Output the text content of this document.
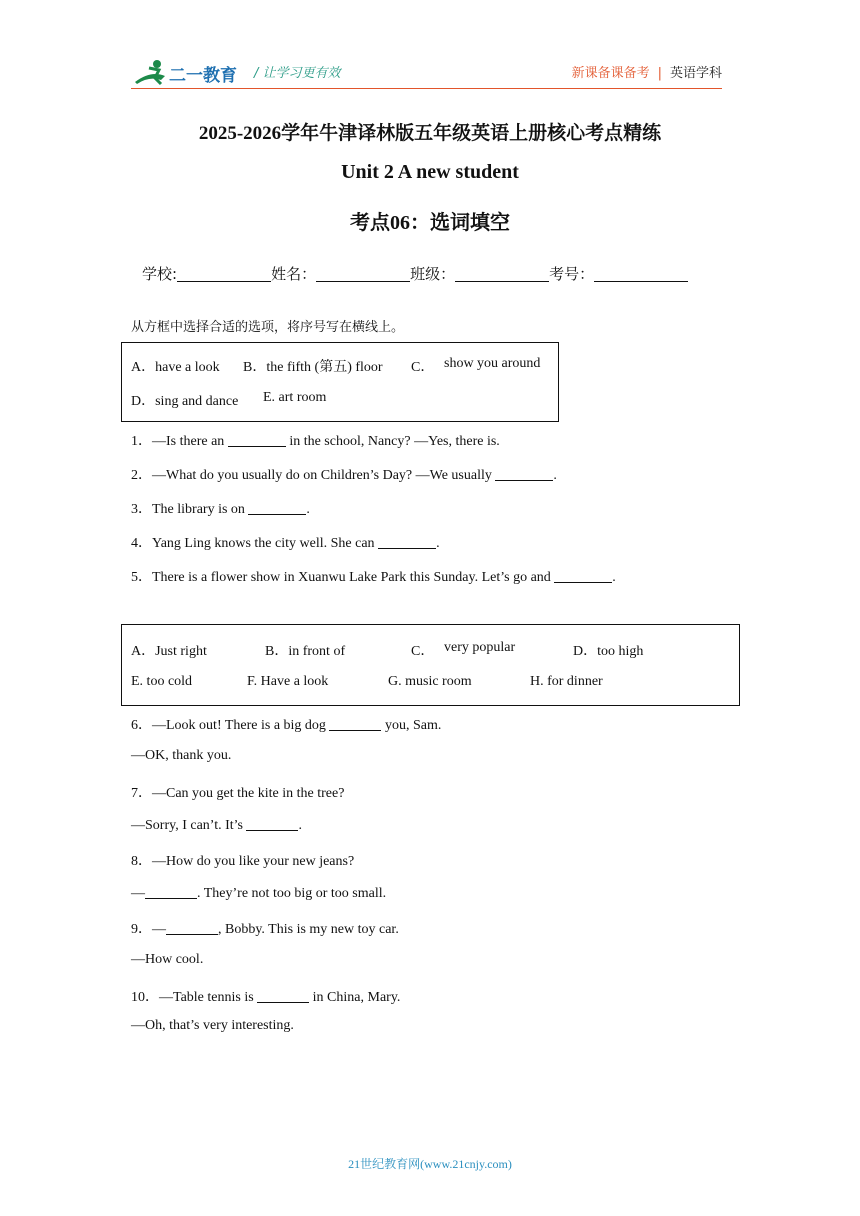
二一教育 / 让学习更有效	新课备课备考 | 英语学科
2025-2026学年牛津译林版五年级英语上册核心考点精练
Unit 2 A new student
考点06：选词填空
学校:	姓名：	班级：	考号：
从方框中选择合适的选项，将序号写在横线上。
A．have a look B．the fifth (第五) floor C． show you around
D．sing and dance E. art room
1．—Is there an	in the school, Nancy? —Yes, there is.
2．—What do you usually do on Children’s Day? —We usually	.
3．The library is on	.
4．Yang Ling knows the city well. She can	.
5．There is a flower show in Xuanwu Lake Park this Sunday. Let’s go and	.
A．Just right	B．in front of	C． very popular	D．too high
E. too cold	F. Have a look	G. music room	H. for dinner
6．—Look out! There is a big dog	you, Sam.
—OK, thank you.
7．—Can you get the kite in the tree?
—Sorry, I can’t. It’s	.
8．—How do you like your new jeans?
—	. They’re not too big or too small.
9．—	, Bobby. This is my new toy car.
—How cool.
10．—Table tennis is	in China, Mary.
—Oh, that’s very interesting.
21世纪教育网(www.21cnjy.com)
